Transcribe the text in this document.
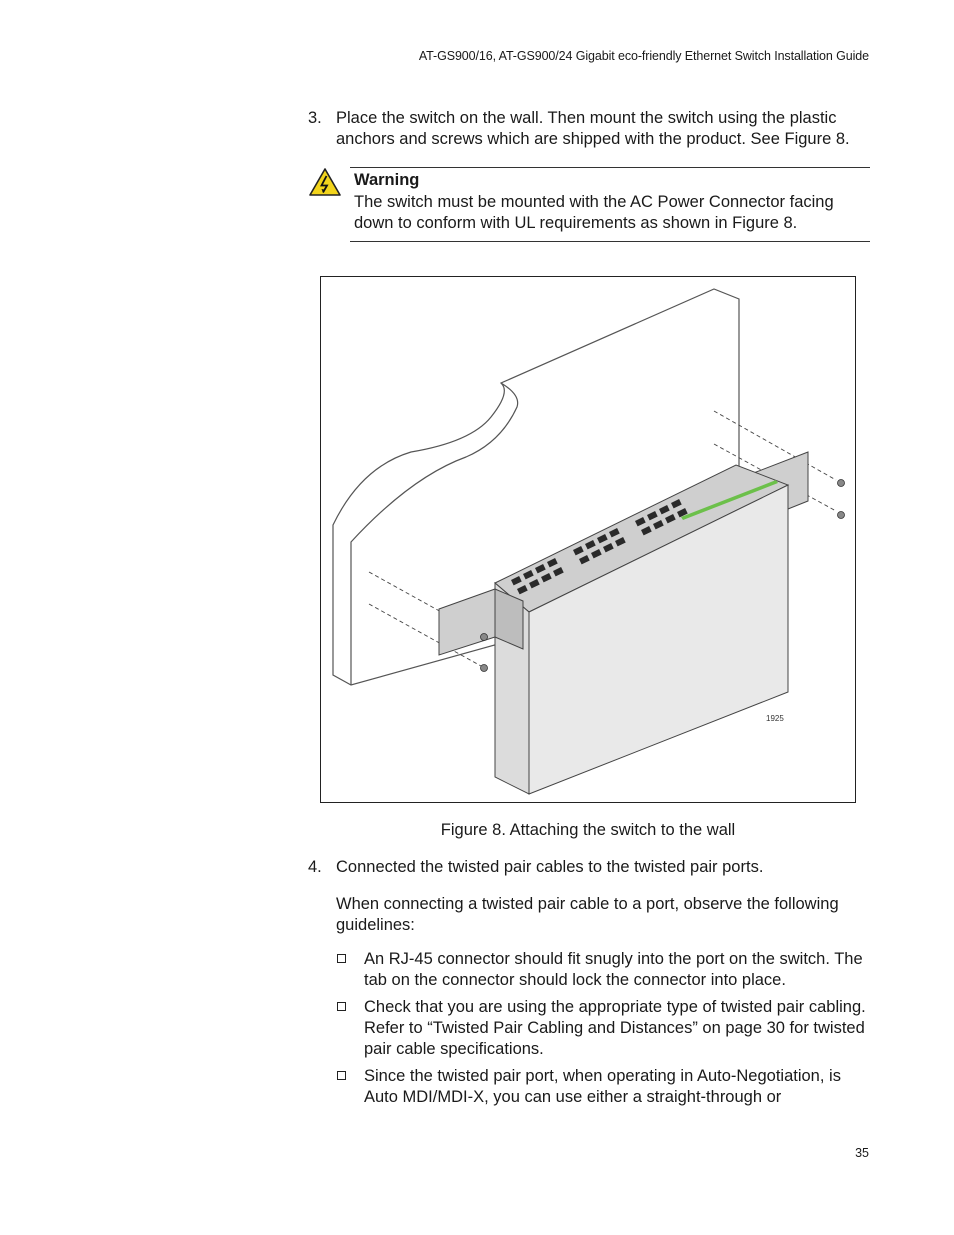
AT-GS900/16, AT-GS900/24 Gigabit eco-friendly Ethernet Switch Installation Guide
3. Place the switch on the wall. Then mount the switch using the plastic anchors and screws which are shipped with the product. See Figure 8.
Warning
The switch must be mounted with the AC Power Connector facing down to conform with UL requirements as shown in Figure 8.
1925
Figure 8. Attaching the switch to the wall
4. Connected the twisted pair cables to the twisted pair ports.
When connecting a twisted pair cable to a port, observe the following guidelines:
An RJ-45 connector should fit snugly into the port on the switch. The tab on the connector should lock the connector into place.
Check that you are using the appropriate type of twisted pair cabling. Refer to “Twisted Pair Cabling and Distances” on page 30 for twisted pair cable specifications.
Since the twisted pair port, when operating in Auto-Negotiation, is Auto MDI/MDI-X, you can use either a straight-through or
35
